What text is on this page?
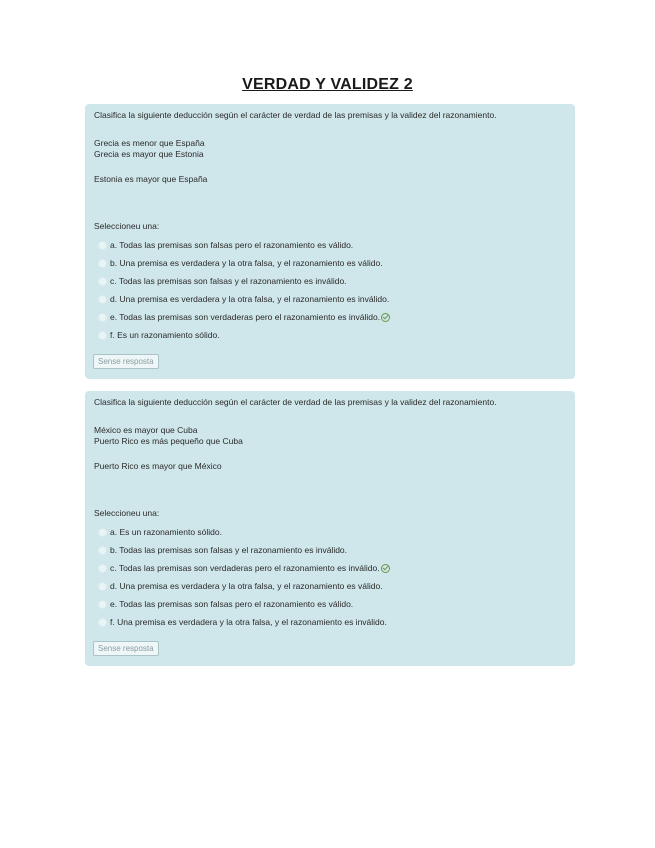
VERDAD Y VALIDEZ 2

Clasifica la siguiente deducción según el carácter de verdad de las premisas y la validez del razonamiento.

Grecia es menor que España
Grecia es mayor que Estonia
Estonia es mayor que España
Seleccioneu una:
a. Todas las premisas son falsas pero el razonamiento es válido.
b. Una premisa es verdadera y la otra falsa, y el razonamiento es válido.
c. Todas las premisas son falsas y el razonamiento es inválido.
d. Una premisa es verdadera y la otra falsa, y el razonamiento es inválido.
e. Todas las premisas son verdaderas pero el razonamiento es inválido.
f. Es un razonamiento sólido.
Sense resposta

Clasifica la siguiente deducción según el carácter de verdad de las premisas y la validez del razonamiento.

México es mayor que Cuba
Puerto Rico es más pequeño que Cuba
Puerto Rico es mayor que México
Seleccioneu una:
a. Es un razonamiento sólido.
b. Todas las premisas son falsas y el razonamiento es inválido.
c. Todas las premisas son verdaderas pero el razonamiento es inválido.
d. Una premisa es verdadera y la otra falsa, y el razonamiento es válido.
e. Todas las premisas son falsas pero el razonamiento es válido.
f. Una premisa es verdadera y la otra falsa, y el razonamiento es inválido.
Sense resposta
